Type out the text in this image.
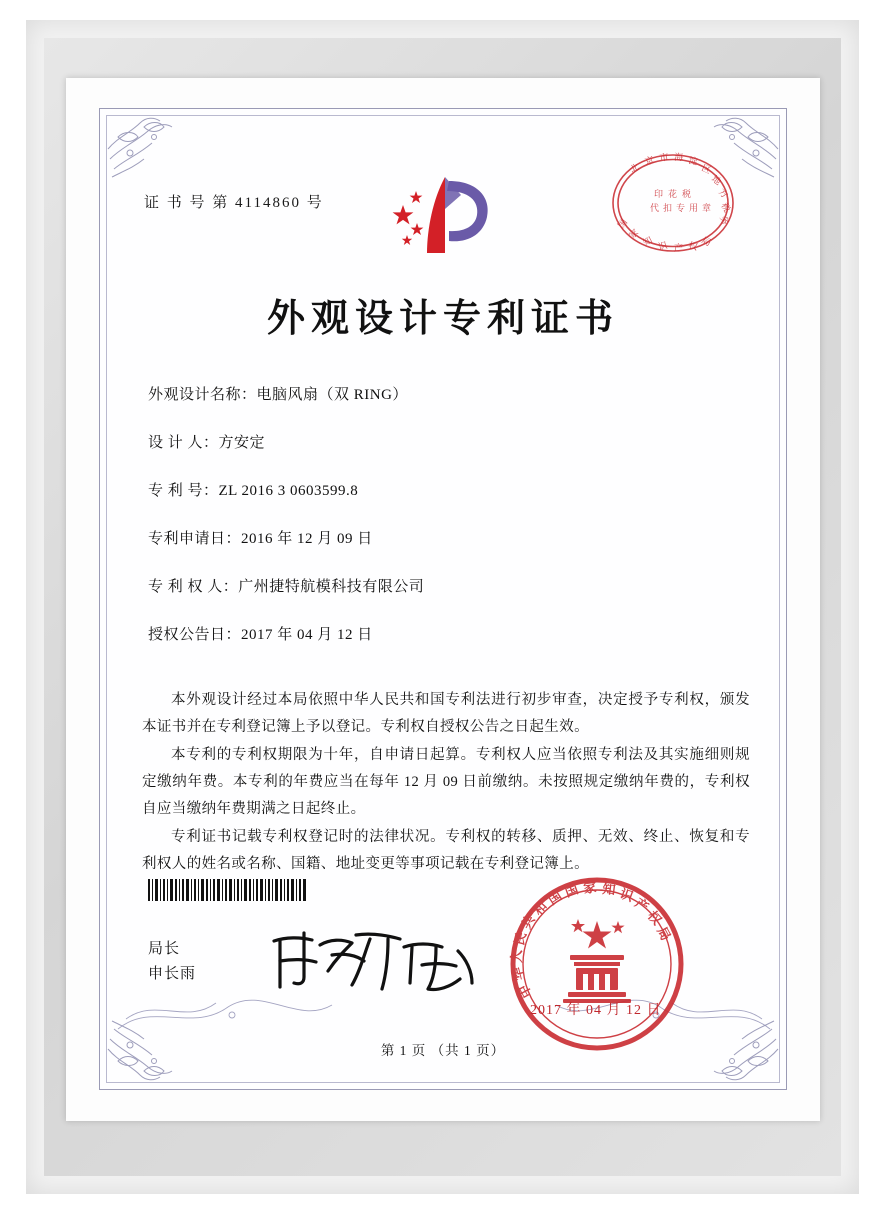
证 书 号 第 4114860 号
北
京 市 海 淀
区
地
方
税
务
印 花 税
代 扣 专 用 章
国
家
知 识 产 权 局
外观设计专利证书
外观设计名称：电脑风扇（双 RING）
设 计 人：方安定
专 利 号：ZL 2016 3 0603599.8
专利申请日：2016 年 12 月 09 日
专 利 权 人：广州捷特航模科技有限公司
授权公告日：2017 年 04 月 12 日

本外观设计经过本局依照中华人民共和国专利法进行初步审查，决定授予专利权，颁发本证书并在专利登记簿上予以登记。专利权自授权公告之日起生效。

本专利的专利权期限为十年，自申请日起算。专利权人应当依照专利法及其实施细则规定缴纳年费。本专利的年费应当在每年 12 月 09 日前缴纳。未按照规定缴纳年费的，专利权自应当缴纳年费期满之日起终止。

专利证书记载专利权登记时的法律状况。专利权的转移、质押、无效、终止、恢复和专利权人的姓名或名称、国籍、地址变更等事项记载在专利登记簿上。

局长
申长雨
中
华
人
民
共
和
国
国 家 知 识
产
权
局
2017 年 04 月 12 日
第 1 页 （共 1 页）
